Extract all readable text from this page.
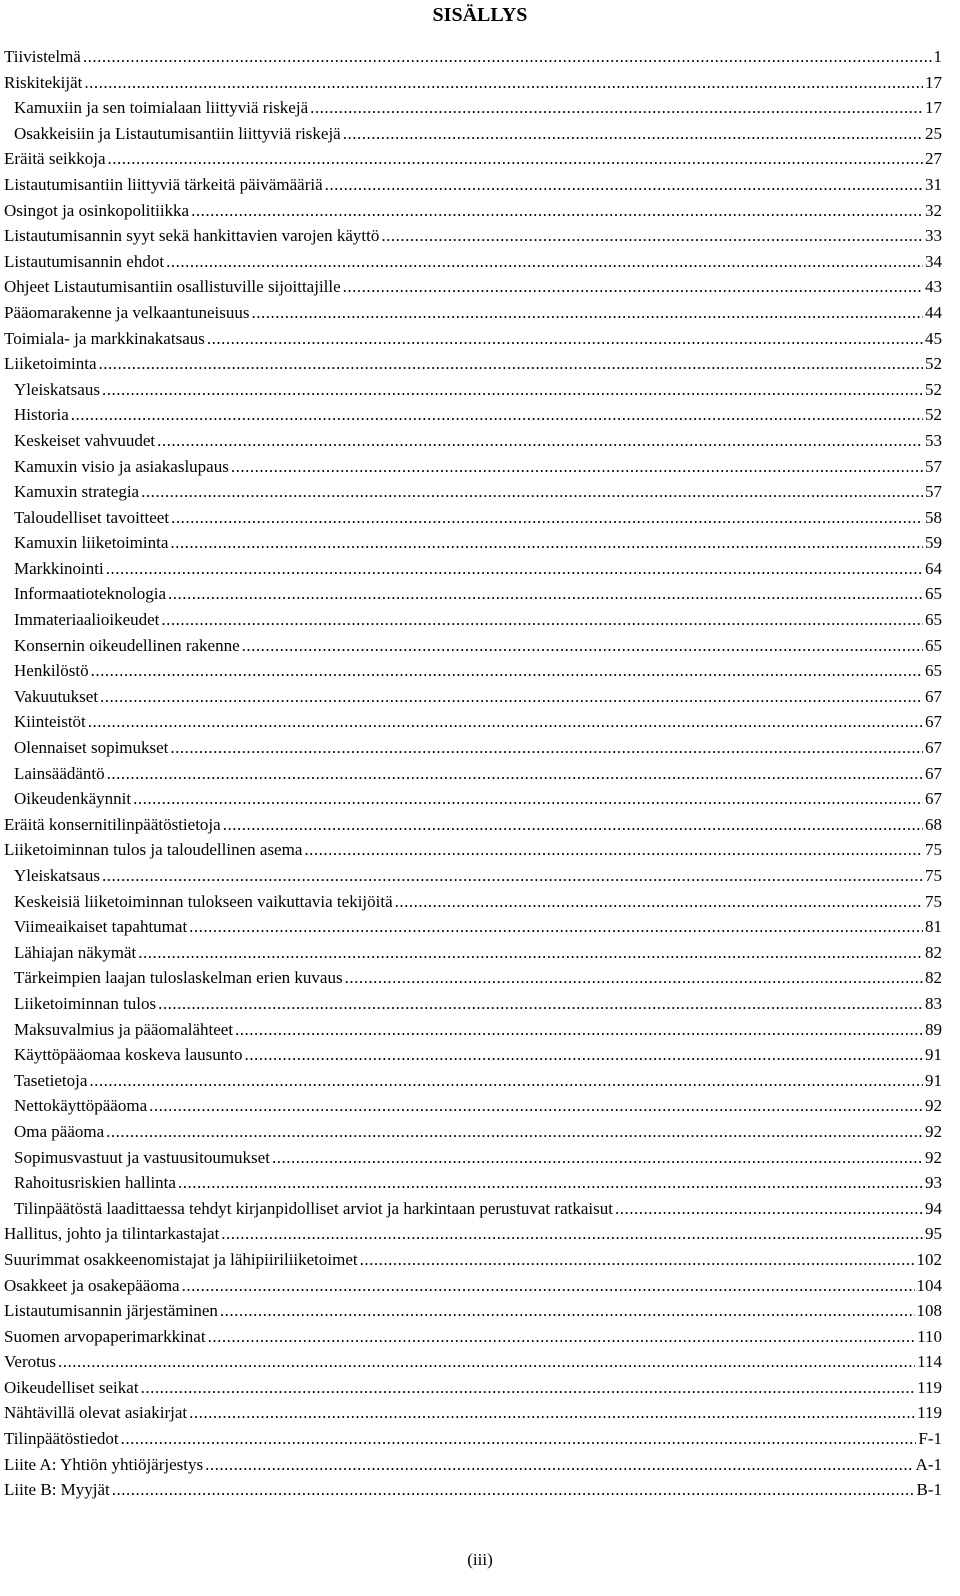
SISÄLLYS
Tiivistelmä .....	1
Riskitekijät .....	17
Kamuxiin ja sen toimialaan liittyviä riskejä .....	17
Osakkeisiin ja Listautumisantiin liittyviä riskejä .....	25
Eräitä seikkoja .....	27
Listautumisantiin liittyviä tärkeitä päivämääriä .....	31
Osingot ja osinkopolitiikka .....	32
Listautumisannin syyt sekä hankittavien varojen käyttö .....	33
Listautumisannin ehdot .....	34
Ohjeet Listautumisantiin osallistuville sijoittajille .....	43
Pääomarakenne ja velkaantuneisuus .....	44
Toimiala- ja markkinakatsaus .....	45
Liiketoiminta .....	52
Yleiskatsaus .....	52
Historia .....	52
Keskeiset vahvuudet .....	53
Kamuxin visio ja asiakaslupaus .....	57
Kamuxin strategia .....	57
Taloudelliset tavoitteet .....	58
Kamuxin liiketoiminta .....	59
Markkinointi .....	64
Informaatioteknologia .....	65
Immateriaalioikeudet .....	65
Konsernin oikeudellinen rakenne .....	65
Henkilöstö .....	65
Vakuutukset .....	67
Kiinteistöt .....	67
Olennaiset sopimukset .....	67
Lainsäädäntö .....	67
Oikeudenkäynnit .....	67
Eräitä konsernitilinpäätöstietoja .....	68
Liiketoiminnan tulos ja taloudellinen asema .....	75
Yleiskatsaus .....	75
Keskeisiä liiketoiminnan tulokseen vaikuttavia tekijöitä .....	75
Viimeaikaiset tapahtumat .....	81
Lähiajan näkymät .....	82
Tärkeimpien laajan tuloslaskelman erien kuvaus .....	82
Liiketoiminnan tulos .....	83
Maksuvalmius ja pääomalähteet .....	89
Käyttöpääomaa koskeva lausunto .....	91
Tasetietoja .....	91
Nettokäyttöpääoma .....	92
Oma pääoma .....	92
Sopimusvastuut ja vastuusitoumukset .....	92
Rahoitusriskien hallinta .....	93
Tilinpäätöstä laadittaessa tehdyt kirjanpidolliset arviot ja harkintaan perustuvat ratkaisut .....	94
Hallitus, johto ja tilintarkastajat .....	95
Suurimmat osakkeenomistajat ja lähipiiriliiketoimet .....	102
Osakkeet ja osakepääoma .....	104
Listautumisannin järjestäminen .....	108
Suomen arvopaperimarkkinat .....	110
Verotus .....	114
Oikeudelliset seikat .....	119
Nähtävillä olevat asiakirjat .....	119
Tilinpäätöstiedot .....	F-1
Liite A: Yhtiön yhtiöjärjestys .....	A-1
Liite B: Myyjät .....	B-1
(iii)
